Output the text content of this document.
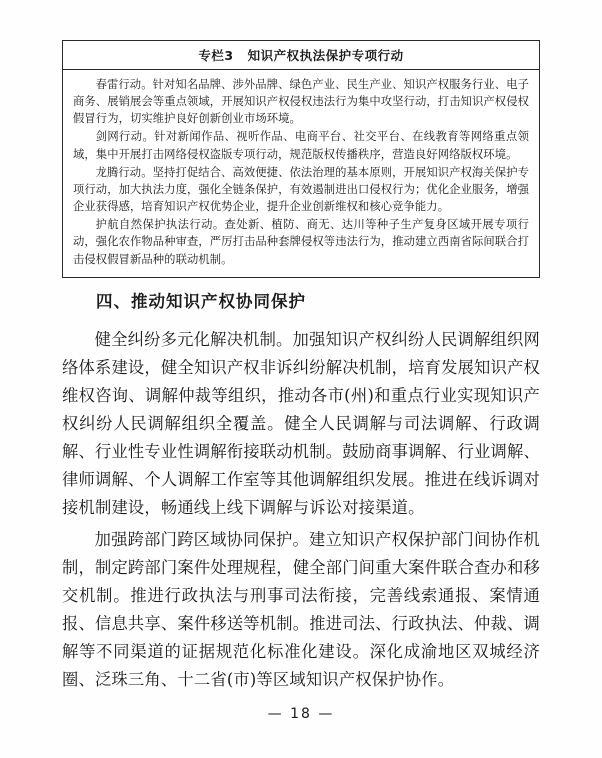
专栏3 知识产权执法保护专项行动

春雷行动。针对知名品牌、涉外品牌、绿色产业、民生产业、知识产权服务行业、电子商务、展销展会等重点领域，开展知识产权侵权违法行为集中攻坚行动，打击知识产权侵权假冒行为，切实维护良好创新创业市场环境。

剑网行动。针对新闻作品、视听作品、电商平台、社交平台、在线教育等网络重点领域，集中开展打击网络侵权盗版专项行动，规范版权传播秩序，营造良好网络版权环境。

龙腾行动。坚持打促结合、高效便捷、依法治理的基本原则，开展知识产权海关保护专项行动，加大执法力度，强化全链条保护，有效遏制进出口侵权行为；优化企业服务，增强企业获得感，培育知识产权优势企业，提升企业创新维权和核心竞争能力。

护航自然保护执法行动。查处新、植防、商无、达川等种子生产复身区域开展专项行动，强化农作物品种审查，严厉打击品种套牌侵权等违法行为，推动建立西南省际间联合打击侵权假冒新品种的联动机制。

四、推动知识产权协同保护

健全纠纷多元化解决机制。加强知识产权纠纷人民调解组织网络体系建设，健全知识产权非诉纠纷解决机制，培育发展知识产权维权咨询、调解仲裁等组织，推动各市(州)和重点行业实现知识产权纠纷人民调解组织全覆盖。健全人民调解与司法调解、行政调解、行业性专业性调解衔接联动机制。鼓励商事调解、行业调解、律师调解、个人调解工作室等其他调解组织发展。推进在线诉调对接机制建设，畅通线上线下调解与诉讼对接渠道。

加强跨部门跨区域协同保护。建立知识产权保护部门间协作机制，制定跨部门案件处理规程，健全部门间重大案件联合查办和移交机制。推进行政执法与刑事司法衔接，完善线索通报、案情通报、信息共享、案件移送等机制。推进司法、行政执法、仲裁、调解等不同渠道的证据规范化标准化建设。深化成渝地区双城经济圈、泛珠三角、十二省(市)等区域知识产权保护协作。

— 18 —
